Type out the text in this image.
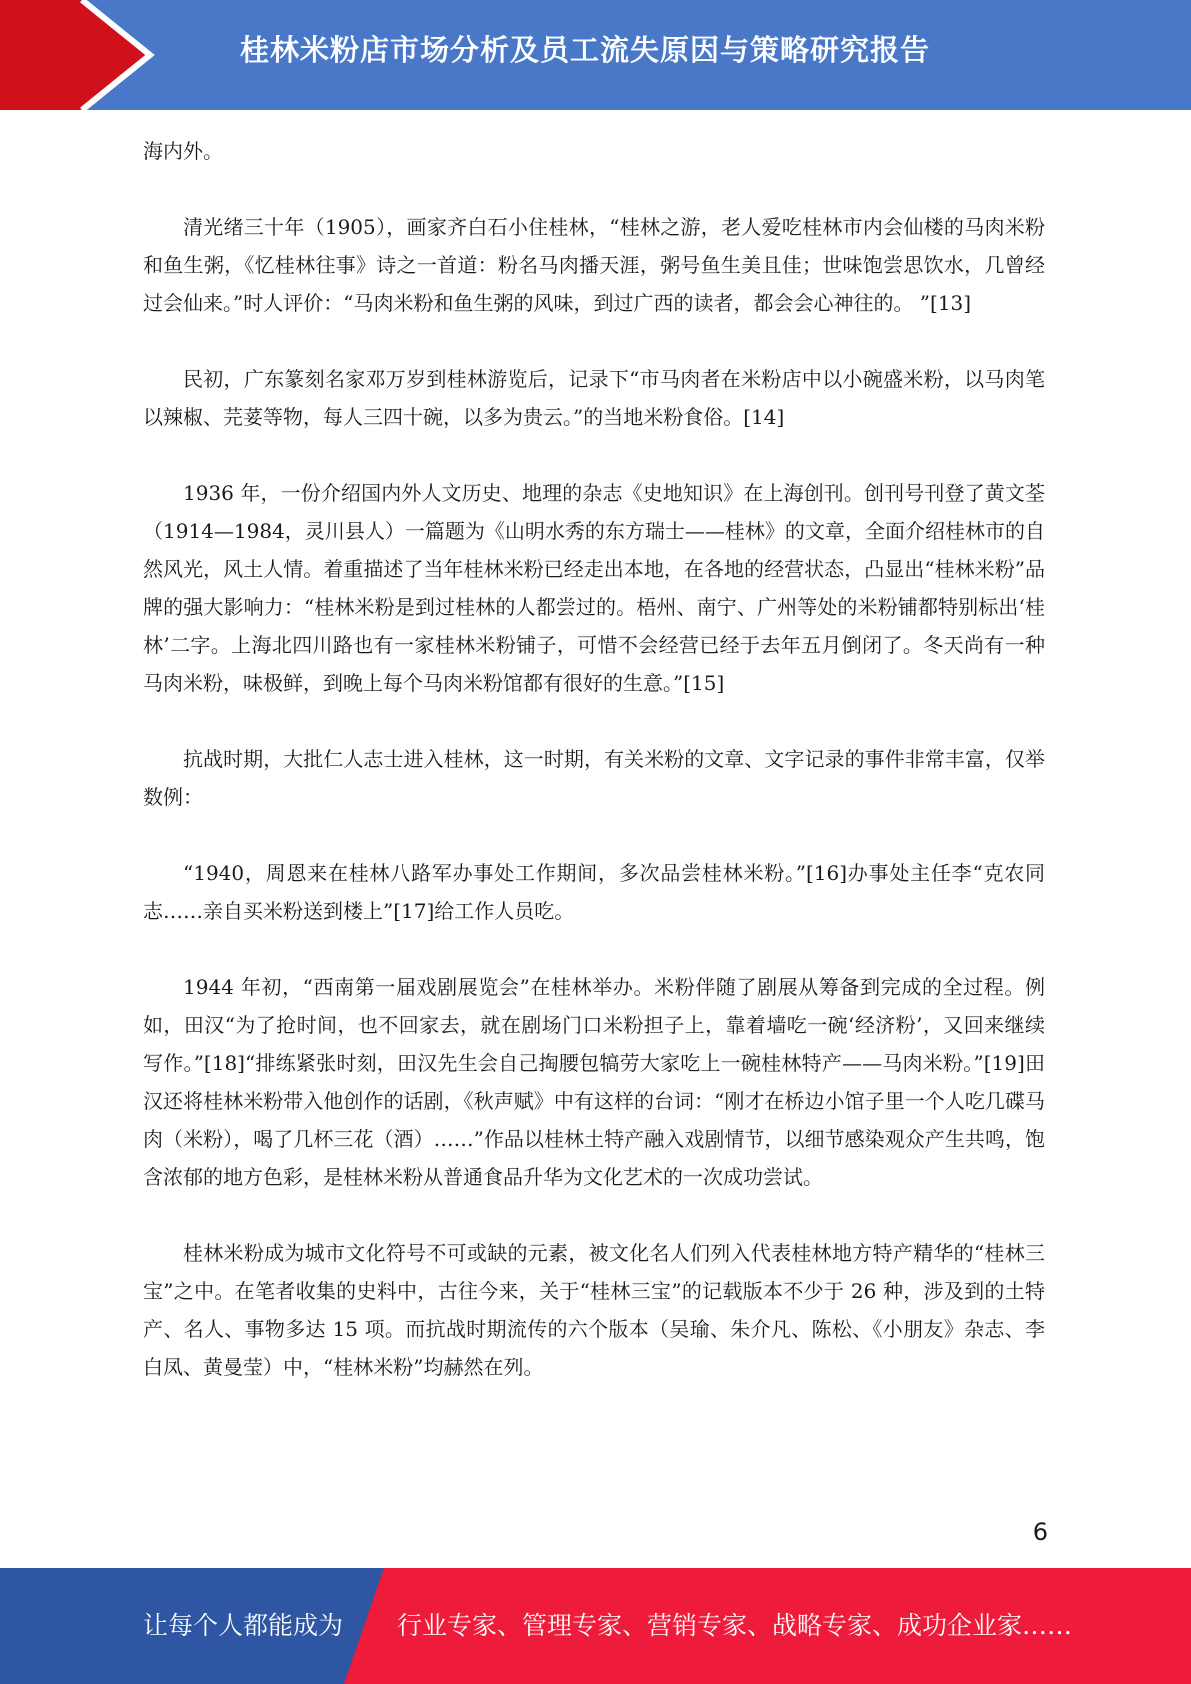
桂林米粉店市场分析及员工流失原因与策略研究报告

海内外。

清光绪三十年（1905），画家齐白石小住桂林，“桂林之游，老人爱吃桂林市内会仙楼的马肉米粉和鱼生粥，《忆桂林往事》诗之一首道：粉名马肉播天涯，粥号鱼生美且佳；世味饱尝思饮水，几曾经过会仙来。”时人评价：“马肉米粉和鱼生粥的风味，到过广西的读者，都会会心神往的。 ”[13]

民初，广东篆刻名家邓万岁到桂林游览后，记录下“市马肉者在米粉店中以小碗盛米粉，以马肉笔以辣椒、芫荽等物，每人三四十碗，以多为贵云。”的当地米粉食俗。[14]

1936 年，一份介绍国内外人文历史、地理的杂志《史地知识》在上海创刊。创刊号刊登了黄文荃（1914—1984，灵川县人）一篇题为《山明水秀的东方瑞士——桂林》的文章，全面介绍桂林市的自然风光，风土人情。着重描述了当年桂林米粉已经走出本地，在各地的经营状态，凸显出“桂林米粉”品牌的强大影响力：“桂林米粉是到过桂林的人都尝过的。梧州、南宁、广州等处的米粉铺都特别标出‘桂林’二字。上海北四川路也有一家桂林米粉铺子，可惜不会经营已经于去年五月倒闭了。冬天尚有一种马肉米粉，味极鲜，到晚上每个马肉米粉馆都有很好的生意。”[15]

抗战时期，大批仁人志士进入桂林，这一时期，有关米粉的文章、文字记录的事件非常丰富，仅举数例：

“1940，周恩来在桂林八路军办事处工作期间，多次品尝桂林米粉。”[16]办事处主任李“克农同志……亲自买米粉送到楼上”[17]给工作人员吃。

1944 年初，“西南第一届戏剧展览会”在桂林举办。米粉伴随了剧展从筹备到完成的全过程。例如，田汉“为了抢时间，也不回家去，就在剧场门口米粉担子上，靠着墙吃一碗‘经济粉’，又回来继续写作。”[18]“排练紧张时刻，田汉先生会自己掏腰包犒劳大家吃上一碗桂林特产——马肉米粉。”[19]田汉还将桂林米粉带入他创作的话剧，《秋声赋》中有这样的台词：“刚才在桥边小馆子里一个人吃几碟马肉（米粉），喝了几杯三花（酒）……”作品以桂林土特产融入戏剧情节，以细节感染观众产生共鸣，饱含浓郁的地方色彩，是桂林米粉从普通食品升华为文化艺术的一次成功尝试。

桂林米粉成为城市文化符号不可或缺的元素，被文化名人们列入代表桂林地方特产精华的“桂林三宝”之中。在笔者收集的史料中，古往今来，关于“桂林三宝”的记载版本不少于 26 种，涉及到的土特产、名人、事物多达 15 项。而抗战时期流传的六个版本（吴瑜、朱介凡、陈松、《小朋友》杂志、李白凤、黄曼莹）中，“桂林米粉”均赫然在列。

6
让每个人都能成为 行业专家、管理专家、营销专家、战略专家、成功企业家……
